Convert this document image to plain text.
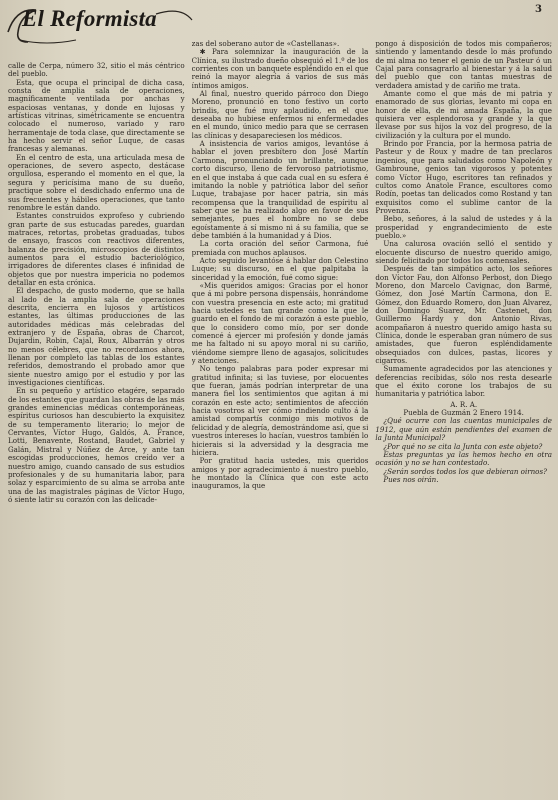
El Reformista	3

calle de Cerpa, número 32, sitio el más céntrico del pueblo.

Esta, que ocupa el principal de dicha casa, consta de amplia sala de operaciones, magníficamente ventilada por anchas y espaciosas ventanas, y donde en lujosas y artísticas vitrinas, simétricamente se encuentra colocado el numeroso, variado y raro herramentaje de toda clase, que directamente se ha hecho servir el señor Luque, de casas francesas y alemanas.

En el centro de esta, una articulada mesa de operaciones, de severo aspecto, destácase orgullosa, esperando el momento en el que, la segura y pericísima mano de su dueño, practique sobre el desdichado enfermo una de sus frecuentes y hábiles operaciones, que tanto renombre le están dando.

Estantes construidos exprofeso y cubriendo gran parte de sus estucadas paredes, guardan matraces, retortas, probetas graduadas, tubos de ensayo, frascos con reactivos diferentes, balanza de precisión, microscopios de distintos aumentos para el estudio bacteriológico, irrigadores de diferentes clases é infinidad de objetos que por nuestra impericia no podemos detallar en esta crónica.

El despacho, de gusto moderno, que se halla al lado de la amplia sala de operaciones descrita, encierra en lujosos y artísticos estantes, las últimas producciones de las autoridades médicas más celebradas del extranjero y de España, obras de Charcot, Dujardin, Robin, Cajal, Roux, Albarrán y otros no menos célebres, que no recordamos ahora, llenan por completo las tablas de los estantes referidos, demostrando el probado amor que siente nuestro amigo por el estudio y por las investigaciones científicas.

En su pequeño y artístico etagére, separado de los estantes que guardan las obras de las más grandes eminencias médicas contemporáneas, espíritus curiosos han descubierto la exquisitez de su temperamento literario; lo mejor de Cervantes, Víctor Hugo, Galdós, A. France, Lotti, Benavente, Rostand, Baudet, Gabriel y Galán, Mistral y Núñez de Arce, y ante tan escogidas producciones, hemos creído ver a nuestro amigo, cuando cansado de sus estudios profesionales y de su humanitaria labor, para solaz y esparcimiento de su alma se arroba ante una de las magistrales páginas de Víctor Hugo, ó siente latir su corazón con las delicade-

zas del soberano autor de «Castellanas».

✱ Para solemnizar la inauguración de la Clínica, su ilustrado dueño obsequió el 1.º de los corrientes con un banquete espléndido en el que reinó la mayor alegría á varios de sus más íntimos amigos.

Al final, nuestro querido párroco don Diego Moreno, pronunció en tono festivo un corto brindis, que fué muy aplaudido, en el que deseaba no hubiese enfermos ni enfermedades en el mundo, único medio para que se cerrasen las clínicas y desapareciesen los médicos.

A insistencia de varios amigos, levantóse á hablar el joven presbítero don José Martín Carmona, pronunciando un brillante, aunque corto discurso, lleno de fervoroso patriotismo, en el que instaba á que cada cual en su esfera é imitando la noble y patriótica labor del señor Luque, trabajase por hacer patria, sin más recompensa que la tranquilidad de espíritu al saber que se ha realizado algo en favor de sus semejantes, pues el hombre no se debe egoístamente á sí mismo ni á su familia, que se debe también á la humanidad y á Dios.

La corta oración del señor Carmona, fué premiada con muchos aplausos.

Acto seguido levantóse á hablar don Celestino Luque; su discurso, en el que palpitaba la sinceridad y la emoción, fué como sigue:

«Mis queridos amigos: Gracias por el honor que á mi pobre persona dispensáis, honrándome con vuestra presencia en este acto; mi gratitud hacia ustedes es tan grande como la que le guardo en el fondo de mi corazón á este pueblo, que lo considero como mío, por ser donde comencé á ejercer mi profesión y donde jamás me ha faltado ni su apoyo moral ni su cariño, viéndome siempre lleno de agasajos, solicitudes y atenciones.

No tengo palabras para poder expresar mi gratitud infinita; si las tuviese, por elocuentes que fueran, jamás podrían interpretar de una manera fiel los sentimientos que agitan á mi corazón en este acto; sentimientos de afección hacia vosotros al ver cómo rindiendo culto á la amistad compartís conmigo mis motivos de felicidad y de alegría, demostrándome así, que si vuestros intereses lo hacían, vuestros también lo hicierais si la adversidad y la desgracia me hiciera.

Por gratitud hacia ustedes, mis queridos amigos y por agradecimiento á nuestro pueblo, he montado la Clínica que con este acto inauguramos, la que

pongo á disposición de todos mis compañeros; sintiendo y lamentando desde lo más profundo de mi alma no tener el genio de un Pasteur ó un Cajal para consagrarlo al bienestar y á la salud del pueblo que con tantas muestras de verdadera amistad y de cariño me trata.

Amante como el que más de mi patria y enamorado de sus glorias, levanto mi copa en honor de ella, de mi amada España, la que quisiera ver esplendorosa y grande y la que llevase por sus hijos la voz del progreso, de la civilización y la cultura por el mundo.

Brindo por Francia, por la hermosa patria de Pasteur y de Roux y madre de tan preclaros ingenios, que para saludados como Napoleón y Gambroune, genios tan vigorosos y potentes como Víctor Hugo, escritores tan refinados y cultos como Anatole France, escultores como Rodín, poetas tan delicados como Rostand y tan exquisitos como el sublime cantor de la Provenza.

Bebo, señores, á la salud de ustedes y á la prosperidad y engrandecimiento de este pueblo.»

Una calurosa ovación selló el sentido y elocuente discurso de nuestro querido amigo, siendo felicitado por todos los comensales.

Después de tan simpático acto, los señores don Víctor Fau, don Alfonso Perbost, don Diego Moreno, don Marcelo Cavignac, don Barmé, Gómez, don José Martín Carmona, don E. Gómez, don Eduardo Romero, don Juan Alvarez, don Domingo Suarez, Mr. Castenet, don Guillermo Hardy y don Antonio Rivas, acompañaron á nuestro querido amigo hasta su Clínica, donde le esperaban gran número de sus amistades, que fueron espléndidamente obsequiados con dulces, pastas, licores y cigarros.

Sumamente agradecidos por las atenciones y deferencias recibidas, sólo nos resta desearle que el éxito corone los trabajos de su humanitaria y patriótica labor.

A. R. A.

Puebla de Guzmán 2 Enero 1914.

¿Qué ocurre con las cuentas municipales de 1912, que aún están pendientes del examen de la Junta Municipal?

¿Por qué no se cita la Junta con este objeto?

Estas preguntas ya las hemos hecho en otra ocasión y no se han contestado.

¿Serán sordos todos los que debieran oirnos?

Pues nos oirán.
